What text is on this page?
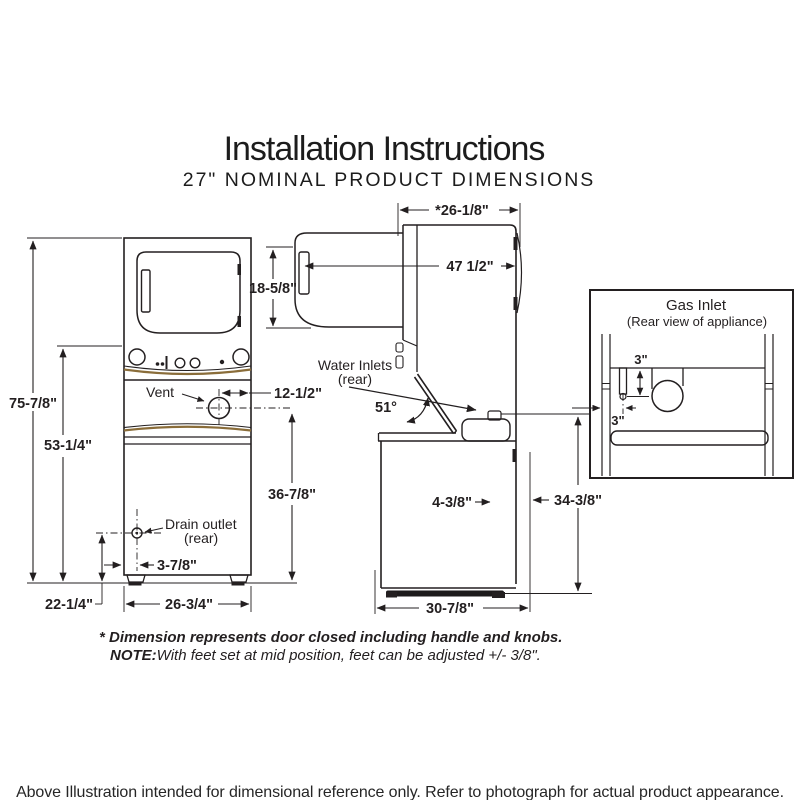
Installation Instructions
27" NOMINAL PRODUCT DIMENSIONS
75-7/8"
53-1/4"
22-1/4"
3-7/8"
26-3/4"
12-1/2"
36-7/8"
Vent
Drain outlet
(rear)
*26-1/8"
47 1/2"
18-5/8"
Water Inlets
(rear)
51°
34-3/8"
4-3/8"
30-7/8"
Gas Inlet
(Rear view of appliance)
3"
3"
* Dimension represents door closed including handle and knobs.
NOTE:With feet set at mid position, feet can be adjusted +/- 3/8".
Above Illustration intended for dimensional reference only. Refer to photograph for actual product appearance.
